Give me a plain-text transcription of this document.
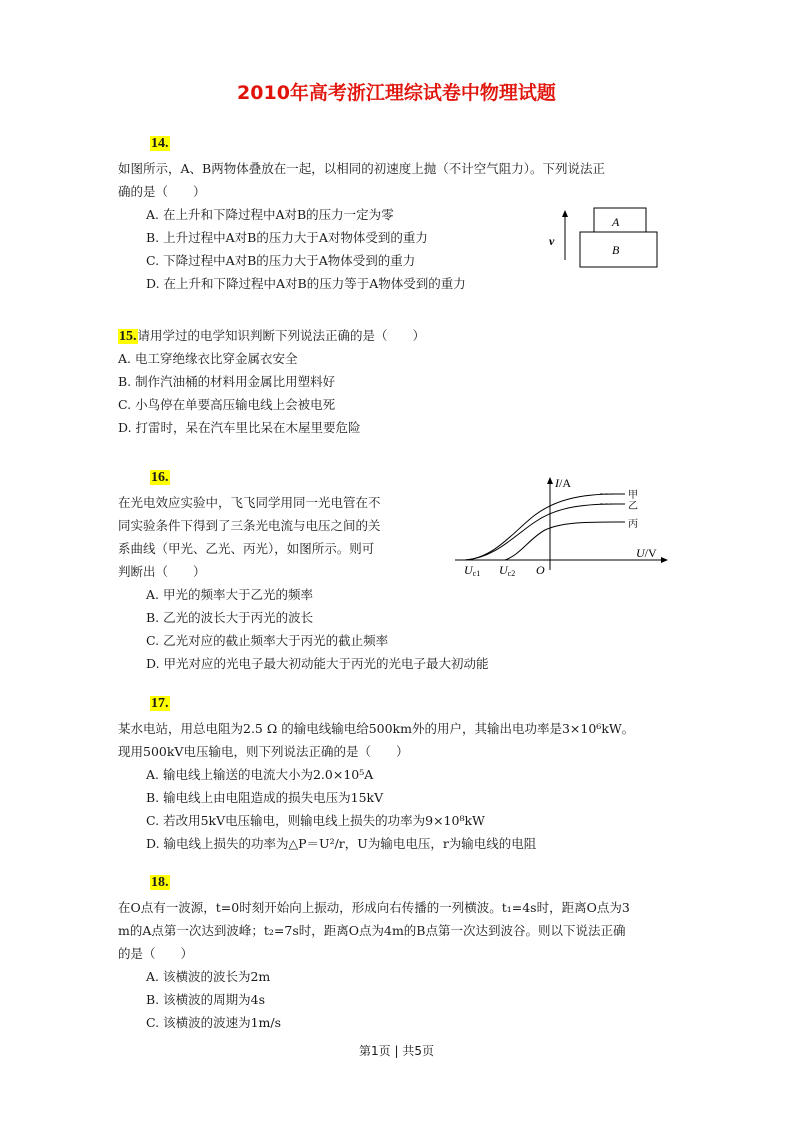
2010年高考浙江理综试卷中物理试题
14.
如图所示，A、B两物体叠放在一起，以相同的初速度上抛（不计空气阻力）。下列说法正
确的是（　　）
A. 在上升和下降过程中A对B的压力一定为零
B. 上升过程中A对B的压力大于A对物体受到的重力
C. 下降过程中A对B的压力大于A物体受到的重力
D. 在上升和下降过程中A对B的压力等于A物体受到的重力
A
B
v
15.请用学过的电学知识判断下列说法正确的是（　　）
A. 电工穿绝缘衣比穿金属衣安全
B. 制作汽油桶的材料用金属比用塑料好
C. 小鸟停在单要高压输电线上会被电死
D. 打雷时，呆在汽车里比呆在木屋里要危险
16.
在光电效应实验中，飞飞同学用同一光电管在不
同实验条件下得到了三条光电流与电压之间的关
系曲线（甲光、乙光、丙光），如图所示。则可
判断出（　　）
A. 甲光的频率大于乙光的频率
B. 乙光的波长大于丙光的波长
C. 乙光对应的截止频率大于丙光的截止频率
D. 甲光对应的光电子最大初动能大于丙光的光电子最大初动能
I/A
U/V
O
Uc1 Uc2
甲
乙
丙
17.
某水电站，用总电阻为2.5 Ω 的输电线输电给500km外的用户，其输出电功率是3×10⁶kW。
现用500kV电压输电，则下列说法正确的是（　　）
A. 输电线上输送的电流大小为2.0×10⁵A
B. 输电线上由电阻造成的损失电压为15kV
C. 若改用5kV电压输电，则输电线上损失的功率为9×10⁸kW
D. 输电线上损失的功率为△P＝U²/r，U为输电电压，r为输电线的电阻
18.
在O点有一波源，t=0时刻开始向上振动，形成向右传播的一列横波。t₁=4s时，距离O点为3
m的A点第一次达到波峰；t₂=7s时，距离O点为4m的B点第一次达到波谷。则以下说法正确
的是（　　）
A. 该横波的波长为2m
B. 该横波的周期为4s
C. 该横波的波速为1m/s
第1页 | 共5页
